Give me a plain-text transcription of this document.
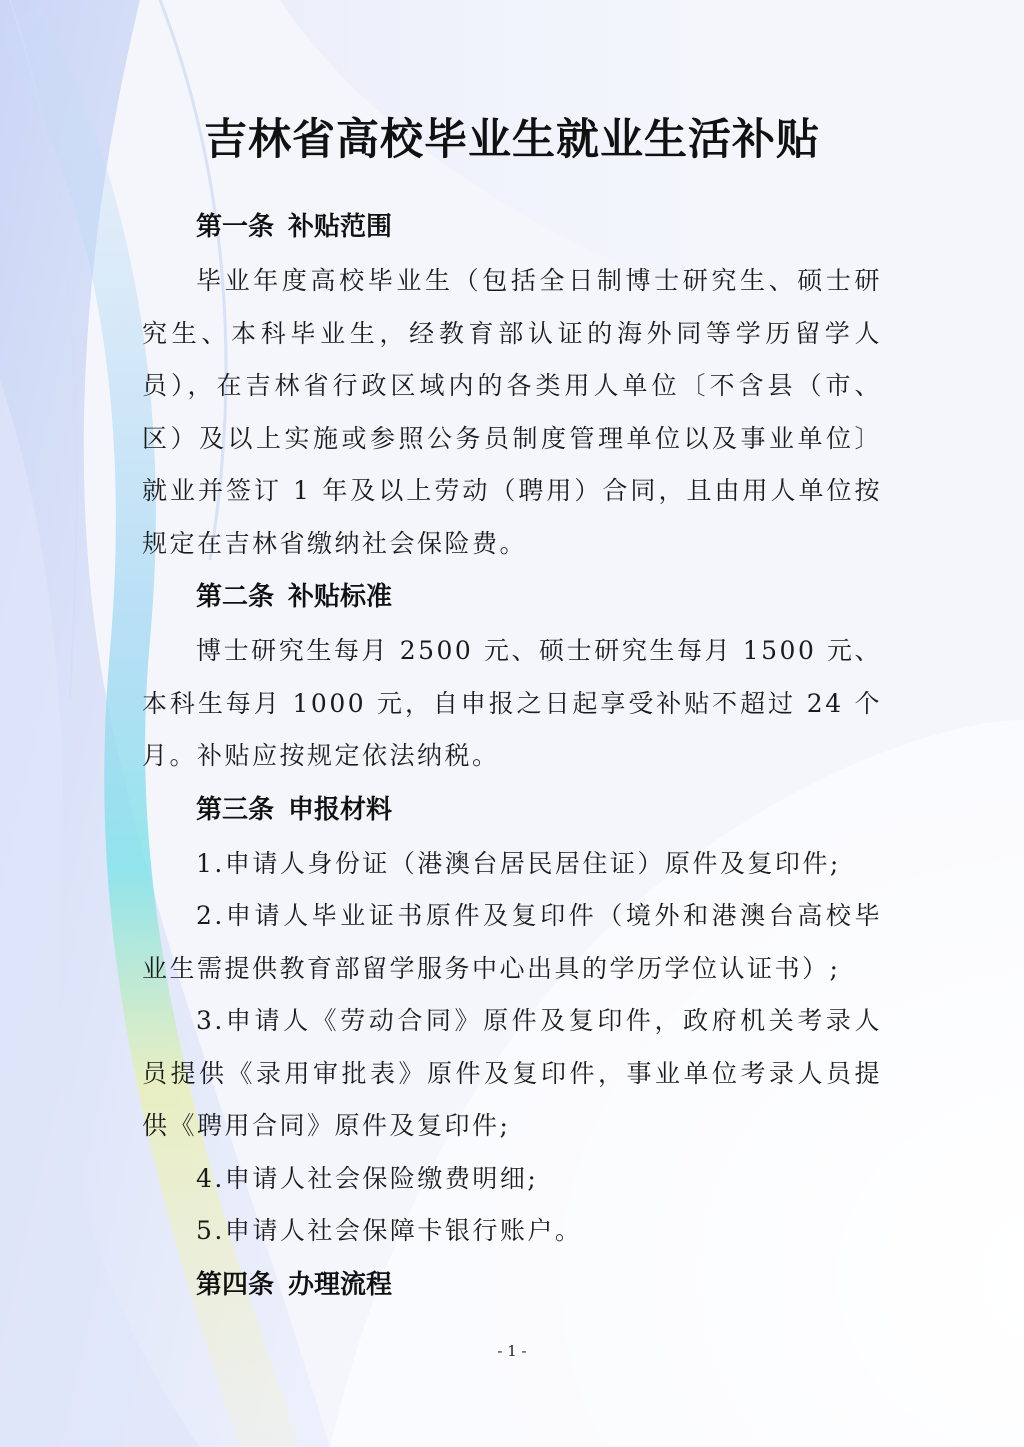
吉林省高校毕业生就业生活补贴
第一条 补贴范围

毕业年度高校毕业生（包括全日制博士研究生、硕士研究生、本科毕业生，经教育部认证的海外同等学历留学人员），在吉林省行政区域内的各类用人单位〔不含县（市、区）及以上实施或参照公务员制度管理单位以及事业单位〕就业并签订 1 年及以上劳动（聘用）合同，且由用人单位按规定在吉林省缴纳社会保险费。

第二条 补贴标准

博士研究生每月 2500 元、硕士研究生每月 1500 元、本科生每月 1000 元，自申报之日起享受补贴不超过 24 个月。补贴应按规定依法纳税。

第三条 申报材料

1.申请人身份证（港澳台居民居住证）原件及复印件;

2.申请人毕业证书原件及复印件（境外和港澳台高校毕业生需提供教育部留学服务中心出具的学历学位认证书）;

3.申请人《劳动合同》原件及复印件，政府机关考录人员提供《录用审批表》原件及复印件，事业单位考录人员提供《聘用合同》原件及复印件;

4.申请人社会保险缴费明细;

5.申请人社会保障卡银行账户。

第四条 办理流程
- 1 -
